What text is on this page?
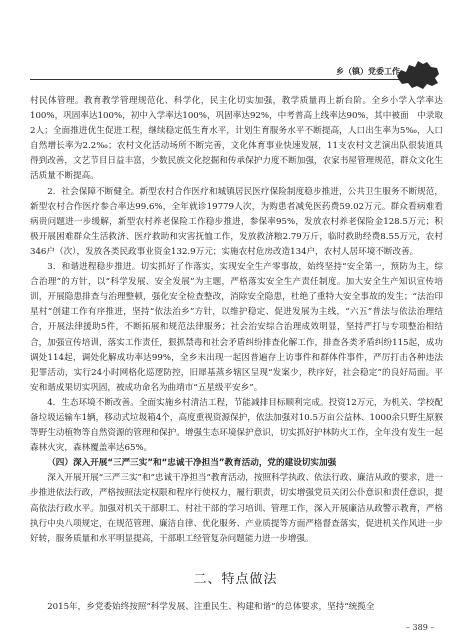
乡（镇）党委工作

村民体管理。教育教学管理规范化、科学化，民主化切实加强，教学质量再上新台阶。全乡小学入学率达100%，巩固率达100%，初中入学率达100%，巩固率达92%，中考普高上线率达90%，其中被面　中录取2人；全面推进优生促进工程，继续稳定低生育水平，计划生育服务水平不断提高，人口出生率为5‰，人口自然增长率为2.2‰；农村文化活动场所不断完善，文化体育事业快速发展，11支农村文艺演出队很装道具得到改善，文艺节目日益丰富，少数民族文化挖掘和传承保护力度不断加强，农家书屋管理规范，群众文化生活质量不断提高。

2．社会保障不断健全。新型农村合作医疗和城镇居民医疗保险制度稳步推进，公共卫生服务不断规范，新型农村合作医疗参合率达99.6%，全年就诊19779人次，为购患者减免医药费59.02万元。群众看病难看病贵问题进一步缓解，新型农村养老保险工作稳步推进，参保率95%，发放农村养老保险金128.5万元；积极开展困难群众生活救济、医疗救助和灾害抚恤工作，发放救济粮2.79万斤，临时救助经费8.55万元，农村346户（次），发放各类民政事业资金132.9万元；实施农村危房改造134户，农村人居环境不断改善。

3．和谐进程稳步推进。切实抓好了作落实，实现安全生产零事故，始终坚持“安全第一，预防为主，综合治理”的方针，以“科学发展、安全发展”为主题，严格落实安全生产责任制度。加大安全生产知识宣传培训，开展隐患排查与治理整顿，强化安全检查整改，消除安全隐患，杜绝了重特大安全事故的发生；“法治印星村”创建工作有序推进，坚持“依法治乡”方针，以维护稳定、促进发展为主线，“六五”普法与依法治理结合，开展法律援助5件，不断拓展和规范法律服务；社会治安综合治理成效明显，坚持严打与专项整治相结合，加强宣传培训，落实工作责任，狠抓禁毒和社会矛盾纠纷排查化解工作，排查各类矛盾纠纷115起，成功调处114起，调处化解成功率达99%，全乡未出现一起因普遍存上访事件和群体件事件，严厉打击各种违法犯罪活动，实行24小时网格化巡逻防控，旧犀基蒸乡辖区呈现“发案少，秩序好，社会稳定”的良好局面。平安和谐成果切实巩固，被成功命名为曲靖市“五星级平安乡”。

4．生态环境不断改善。全面实施乡村清洁工程，节能减排目标顺利完成。投资12万元，为机关、学校配备垃圾运输车1辆，移动式垃圾箱4个，高度重视资源保护，依法加强对10.5万亩公益林、1000余只野生原猴等野生动植物等自然资源的管理和保护。增强生态环境保护意识，切实抓好护林防火工作，全年没有发生一起森林火灾，森林覆盖率达65%。

（四）深入开展“三严三实”和“忠诚干净担当”教育活动，党的建设切实加强

深入开展开展“三严三实”和“忠诚干净担当”教育活动，按照科学执政、依法行政、廉洁从政的要求，进一步推进依法行政，严格按照法定权限和程序行使权力，履行职责，切实增强党员关闭公仆意识和责任意识，提高依法行政水平。加强对机关干部职工、村社干部的学习培训、管理工作，深入开展廉洁从政警示教育，严格执行中央八项规定，在规范管理、廉洁自律、优化服务、产业质提等方面严格督查落实，促进机关作风进一步好转，服务质量和水平明显提高，干部职工经管复杂问题能力进一步增强。

二、特点做法
2015年，乡党委始终按照“科学发展、注重民生、构建和谐”的总体要求，坚持“统揽全
– 389 –
